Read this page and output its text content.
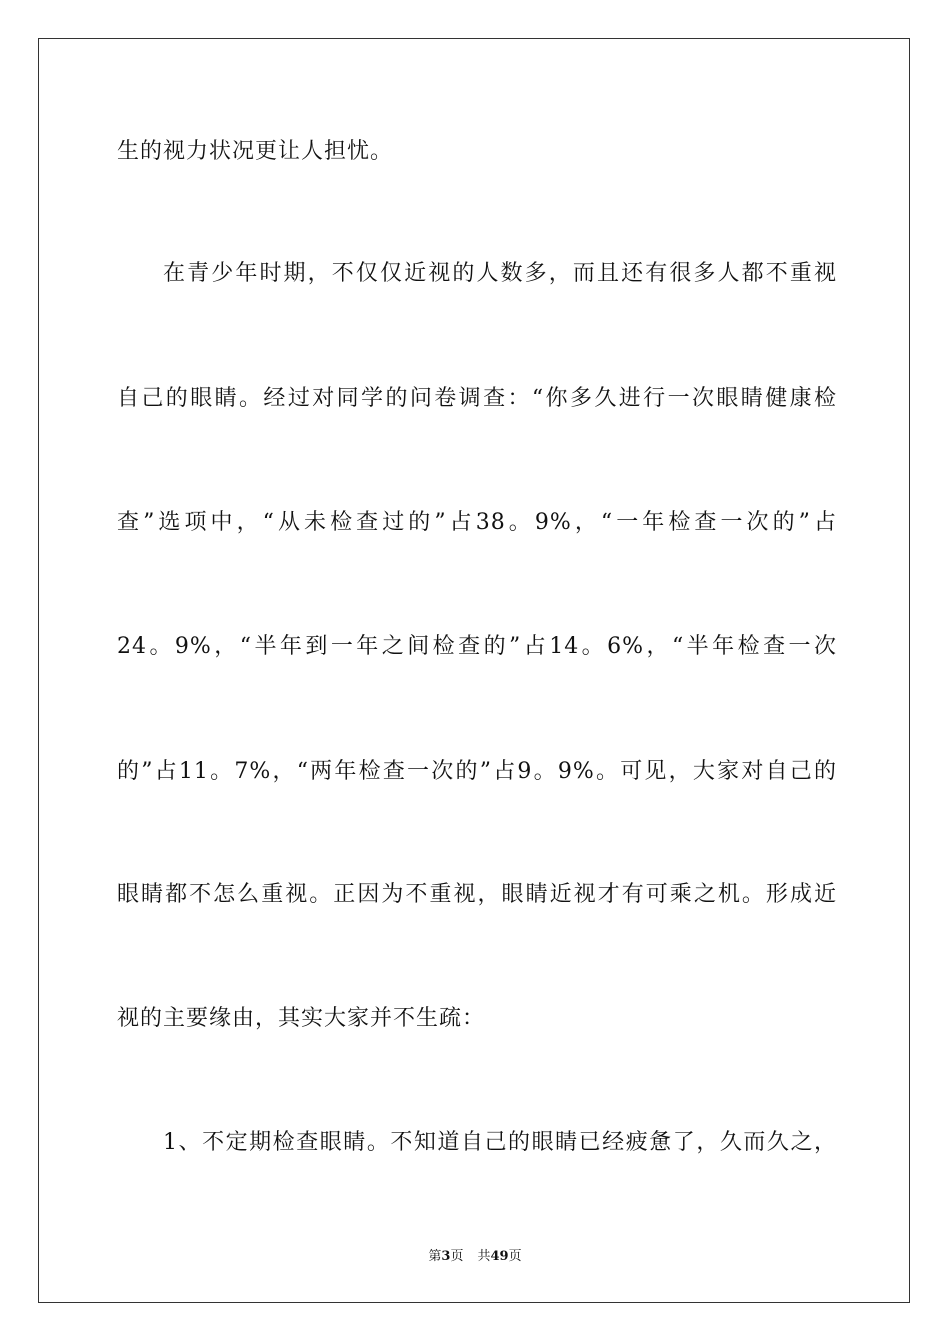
生的视力状况更让人担忧。
在青少年时期，不仅仅近视的人数多，而且还有很多人都不重视
自己的眼睛。经过对同学的问卷调查：“你多久进行一次眼睛健康检
查”选项中，“从未检查过的”占38。9%，“一年检查一次的”占
24。9%，“半年到一年之间检查的”占14。6%，“半年检查一次
的”占11。7%，“两年检查一次的”占9。9%。可见，大家对自己的
眼睛都不怎么重视。正因为不重视，眼睛近视才有可乘之机。形成近
视的主要缘由，其实大家并不生疏：
1、不定期检查眼睛。不知道自己的眼睛已经疲惫了，久而久之，
第3页 共49页
